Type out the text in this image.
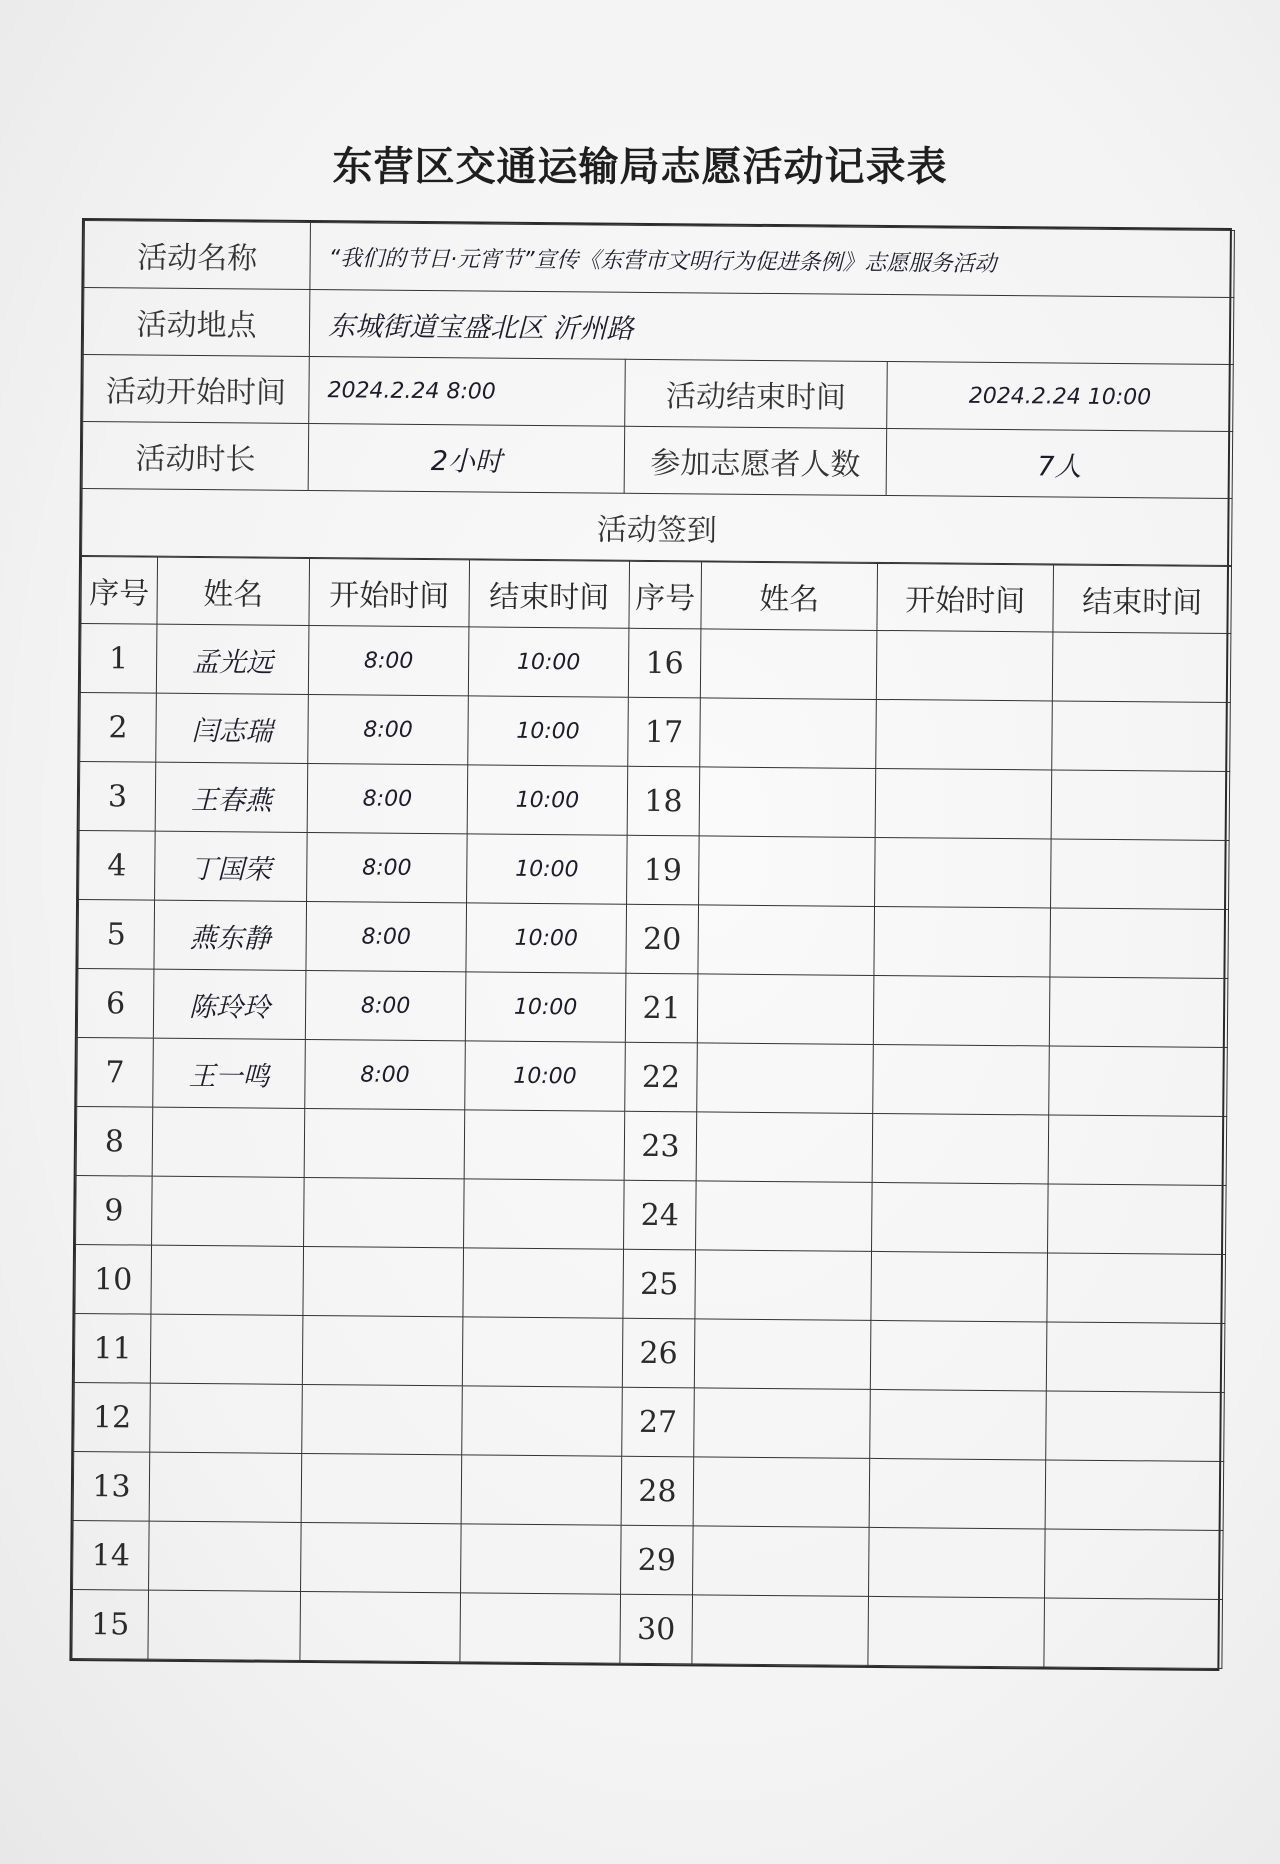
东营区交通运输局志愿活动记录表
活动名称	“我们的节日·元宵节”宣传《东营市文明行为促进条例》志愿服务活动		
活动地点	东城街道宝盛北区 沂州路		
活动开始时间	2024.2.24 8:00	活动结束时间	2024.2.24 10:00
活动时长	2小时	参加志愿者人数	7人
活动签到			
序号	姓名	开始时间	结束时间	序号	姓名	开始时间	结束时间
1	孟光远	8:00	10:00	16			
2	闫志瑞	8:00	10:00	17			
3	王春燕	8:00	10:00	18			
4	丁国荣	8:00	10:00	19			
5	燕东静	8:00	10:00	20			
6	陈玲玲	8:00	10:00	21			
7	王一鸣	8:00	10:00	22			
8				23			
9				24			
10				25			
11				26			
12				27			
13				28			
14				29			
15				30			
